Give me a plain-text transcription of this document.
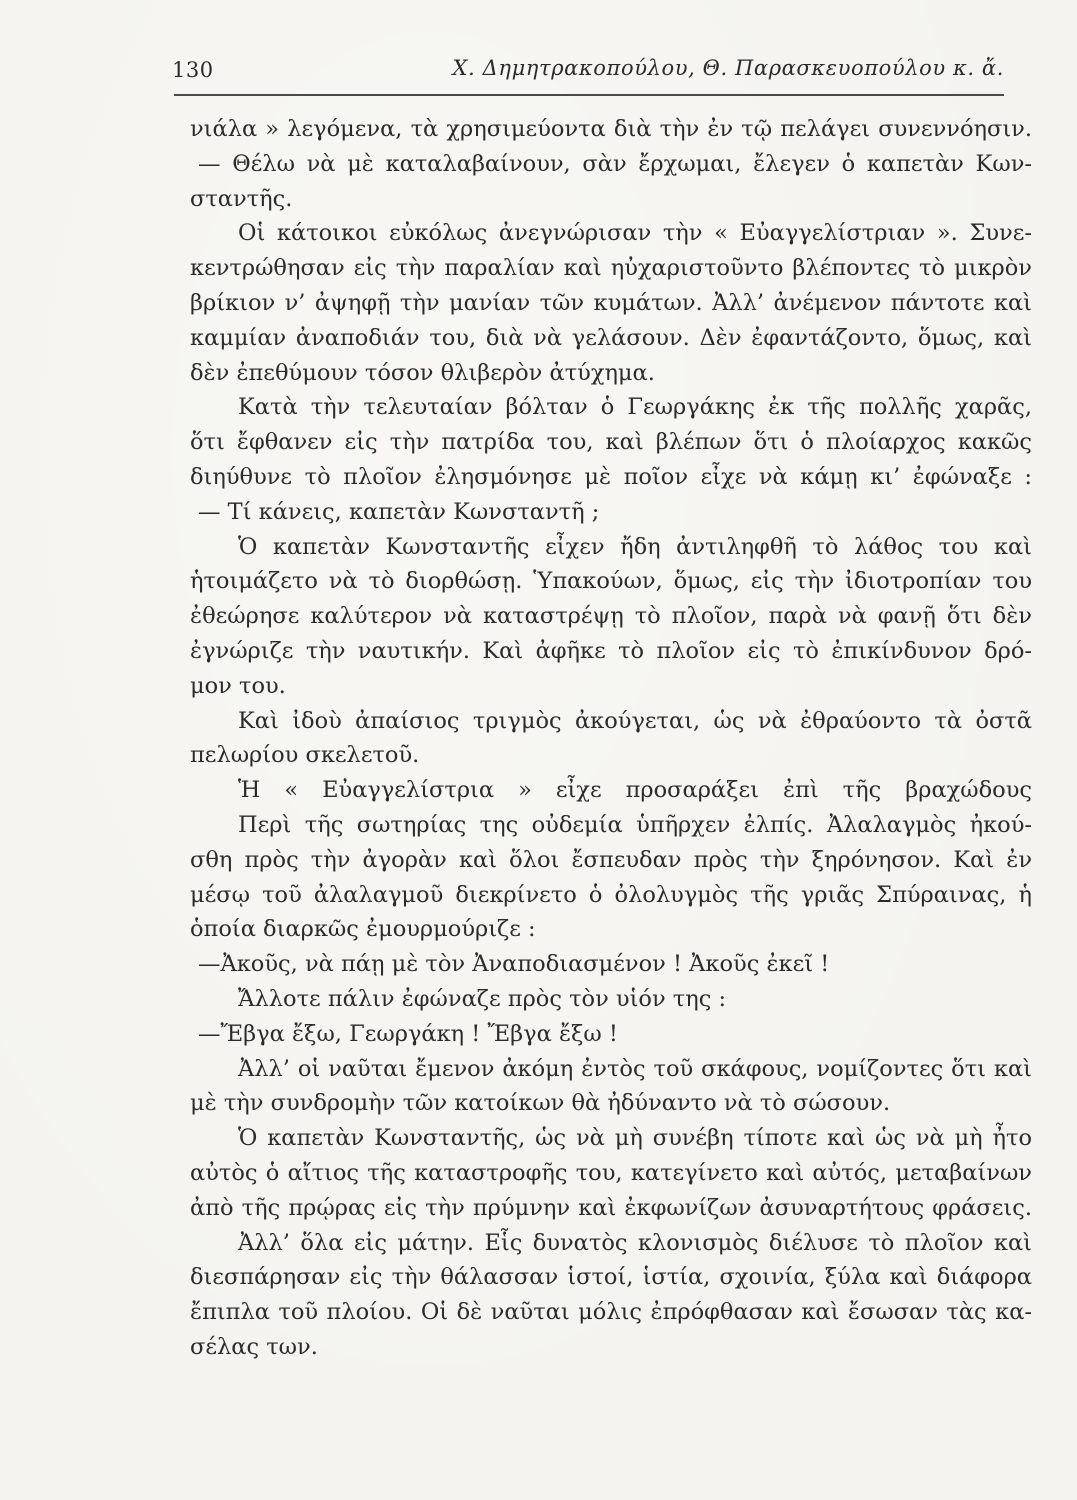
130	Χ. Δημητρακοπούλου, Θ. Παρασκευοπούλου κ. ἄ.
νιάλα » λεγόμενα, τὰ χρησιμεύοντα διὰ τὴν ἐν τῷ πελάγει συνεννόησιν.
— Θέλω νὰ μὲ καταλαβαίνουν, σὰν ἔρχωμαι, ἔλεγεν ὁ καπετὰν Κων-
σταντῆς.
Οἱ κάτοικοι εὐκόλως ἀνεγνώρισαν τὴν « Εὐαγγελίστριαν ». Συνε-
κεντρώθησαν εἰς τὴν παραλίαν καὶ ηὐχαριστοῦντο βλέποντες τὸ μικρὸν
βρίκιον ν’ ἀψηφῇ τὴν μανίαν τῶν κυμάτων. Ἀλλ’ ἀνέμενον πάντοτε καὶ
καμμίαν ἀναποδιάν του, διὰ νὰ γελάσουν. Δὲν ἐφαντάζοντο, ὅμως, καὶ
δὲν ἐπεθύμουν τόσον θλιβερὸν ἀτύχημα.
Κατὰ τὴν τελευταίαν βόλταν ὁ Γεωργάκης ἐκ τῆς πολλῆς χαρᾶς,
ὅτι ἔφθανεν εἰς τὴν πατρίδα του, καὶ βλέπων ὅτι ὁ πλοίαρχος κακῶς
διηύθυνε τὸ πλοῖον ἐλησμόνησε μὲ ποῖον εἶχε νὰ κάμῃ κι’ ἐφώναξε :
— Τί κάνεις, καπετὰν Κωνσταντῆ ;
Ὁ καπετὰν Κωνσταντῆς εἶχεν ἤδη ἀντιληφθῆ τὸ λάθος του καὶ
ἡτοιμάζετο νὰ τὸ διορθώσῃ. Ὑπακούων, ὅμως, εἰς τὴν ἰδιοτροπίαν του
ἐθεώρησε καλύτερον νὰ καταστρέψῃ τὸ πλοῖον, παρὰ νὰ φανῇ ὅτι δὲν
ἐγνώριζε τὴν ναυτικήν. Καὶ ἀφῆκε τὸ πλοῖον εἰς τὸ ἐπικίνδυνον δρό-
μον του.
Καὶ ἰδοὺ ἀπαίσιος τριγμὸς ἀκούγεται, ὡς νὰ ἐθραύοντο τὰ ὀστᾶ
πελωρίου σκελετοῦ.
Ἡ « Εὐαγγελίστρια » εἶχε προσαράξει ἐπὶ τῆς βραχώδους
Περὶ τῆς σωτηρίας της οὐδεμία ὑπῆρχεν ἐλπίς. Ἀλαλαγμὸς ἠκού-
σθη πρὸς τὴν ἀγορὰν καὶ ὅλοι ἔσπευδαν πρὸς τὴν ξηρόνησον. Καὶ ἐν
μέσῳ τοῦ ἀλαλαγμοῦ διεκρίνετο ὁ ὀλολυγμὸς τῆς γριᾶς Σπύραινας, ἡ
ὁποία διαρκῶς ἐμουρμούριζε :
—Ἀκοῦς, νὰ πάῃ μὲ τὸν Ἀναποδιασμένον ! Ἀκοῦς ἐκεῖ !
Ἄλλοτε πάλιν ἐφώναζε πρὸς τὸν υἱόν της :
—Ἔβγα ἔξω, Γεωργάκη ! Ἔβγα ἔξω !
Ἀλλ’ οἱ ναῦται ἔμενον ἀκόμη ἐντὸς τοῦ σκάφους, νομίζοντες ὅτι καὶ
μὲ τὴν συνδρομὴν τῶν κατοίκων θὰ ἠδύναντο νὰ τὸ σώσουν.
Ὁ καπετὰν Κωνσταντῆς, ὡς νὰ μὴ συνέβη τίποτε καὶ ὡς νὰ μὴ ἦτο
αὐτὸς ὁ αἴτιος τῆς καταστροφῆς του, κατεγίνετο καὶ αὐτός, μεταβαίνων
ἀπὸ τῆς πρῴρας εἰς τὴν πρύμνην καὶ ἐκφωνίζων ἀσυναρτήτους φράσεις.
Ἀλλ’ ὅλα εἰς μάτην. Εἷς δυνατὸς κλονισμὸς διέλυσε τὸ πλοῖον καὶ
διεσπάρησαν εἰς τὴν θάλασσαν ἱστοί, ἱστία, σχοινία, ξύλα καὶ διάφορα
ἔπιπλα τοῦ πλοίου. Οἱ δὲ ναῦται μόλις ἐπρόφθασαν καὶ ἔσωσαν τὰς κα-
σέλας των.
